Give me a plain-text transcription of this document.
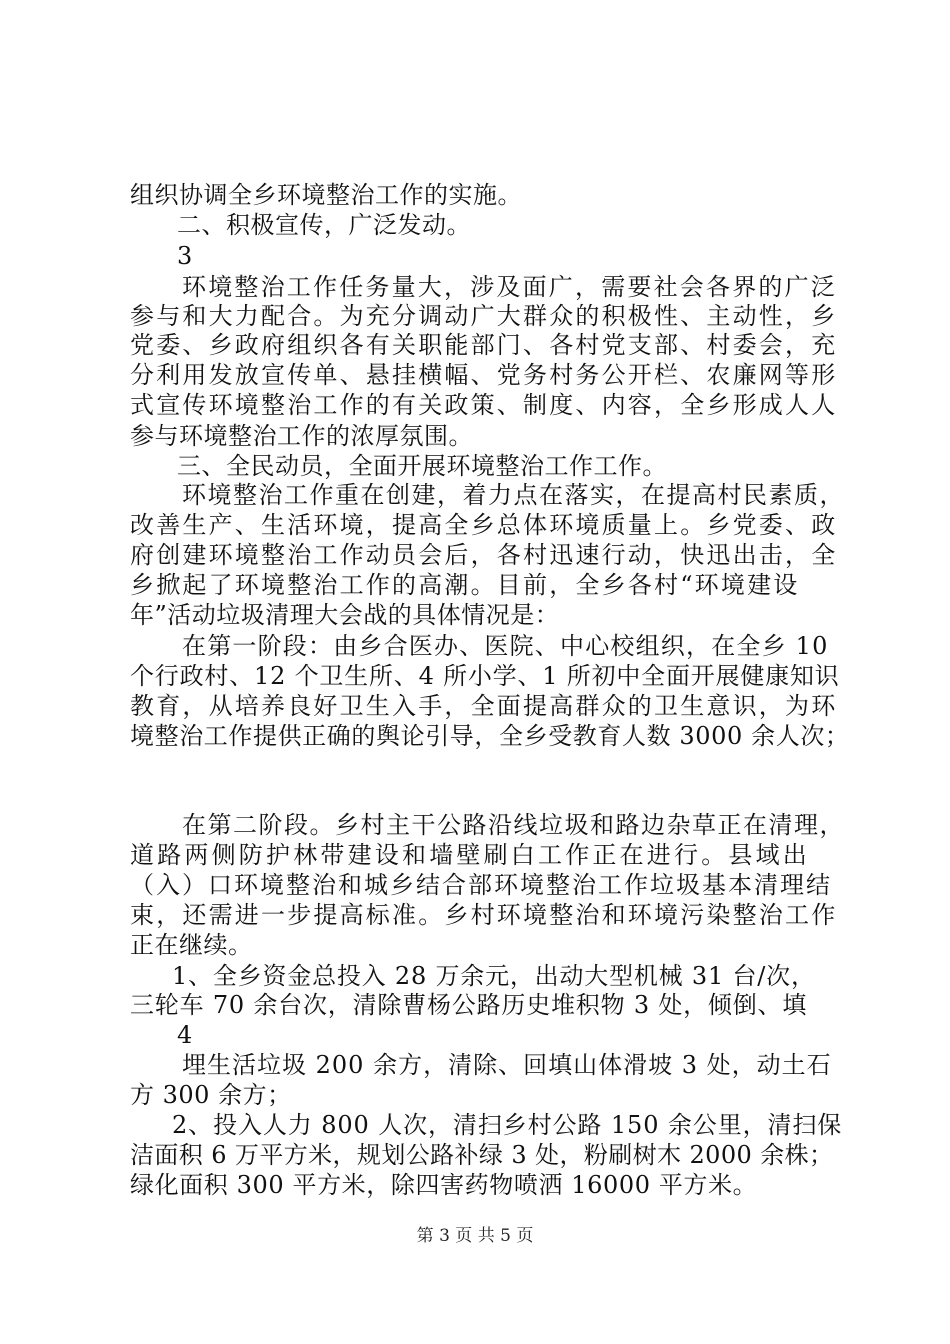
组织协调全乡环境整治工作的实施。
二、积极宣传，广泛发动。
3
环境整治工作任务量大，涉及面广，需要社会各界的广泛
参与和大力配合。为充分调动广大群众的积极性、主动性，乡
党委、乡政府组织各有关职能部门、各村党支部、村委会，充
分利用发放宣传单、悬挂横幅、党务村务公开栏、农廉网等形
式宣传环境整治工作的有关政策、制度、内容，全乡形成人人
参与环境整治工作的浓厚氛围。
三、全民动员，全面开展环境整治工作工作。
环境整治工作重在创建，着力点在落实，在提高村民素质，
改善生产、生活环境，提高全乡总体环境质量上。乡党委、政
府创建环境整治工作动员会后，各村迅速行动，快迅出击，全
乡掀起了环境整治工作的高潮。目前，全乡各村“环境建设
年”活动垃圾清理大会战的具体情况是：
在第一阶段：由乡合医办、医院、中心校组织，在全乡 10
个行政村、12 个卫生所、4 所小学、1 所初中全面开展健康知识
教育，从培养良好卫生入手，全面提高群众的卫生意识，为环
境整治工作提供正确的舆论引导，全乡受教育人数 3000 余人次；
在第二阶段。乡村主干公路沿线垃圾和路边杂草正在清理，
道路两侧防护林带建设和墙壁刷白工作正在进行。县域出
（入）口环境整治和城乡结合部环境整治工作垃圾基本清理结
束，还需进一步提高标准。乡村环境整治和环境污染整治工作
正在继续。
1、全乡资金总投入 28 万余元，出动大型机械 31 台/次，
三轮车 70 余台次，清除曹杨公路历史堆积物 3 处，倾倒、填
4
埋生活垃圾 200 余方，清除、回填山体滑坡 3 处，动土石
方 300 余方；
2、投入人力 800 人次，清扫乡村公路 150 余公里，清扫保
洁面积 6 万平方米，规划公路补绿 3 处，粉刷树木 2000 余株；
绿化面积 300 平方米，除四害药物喷洒 16000 平方米。
第 3 页 共 5 页
